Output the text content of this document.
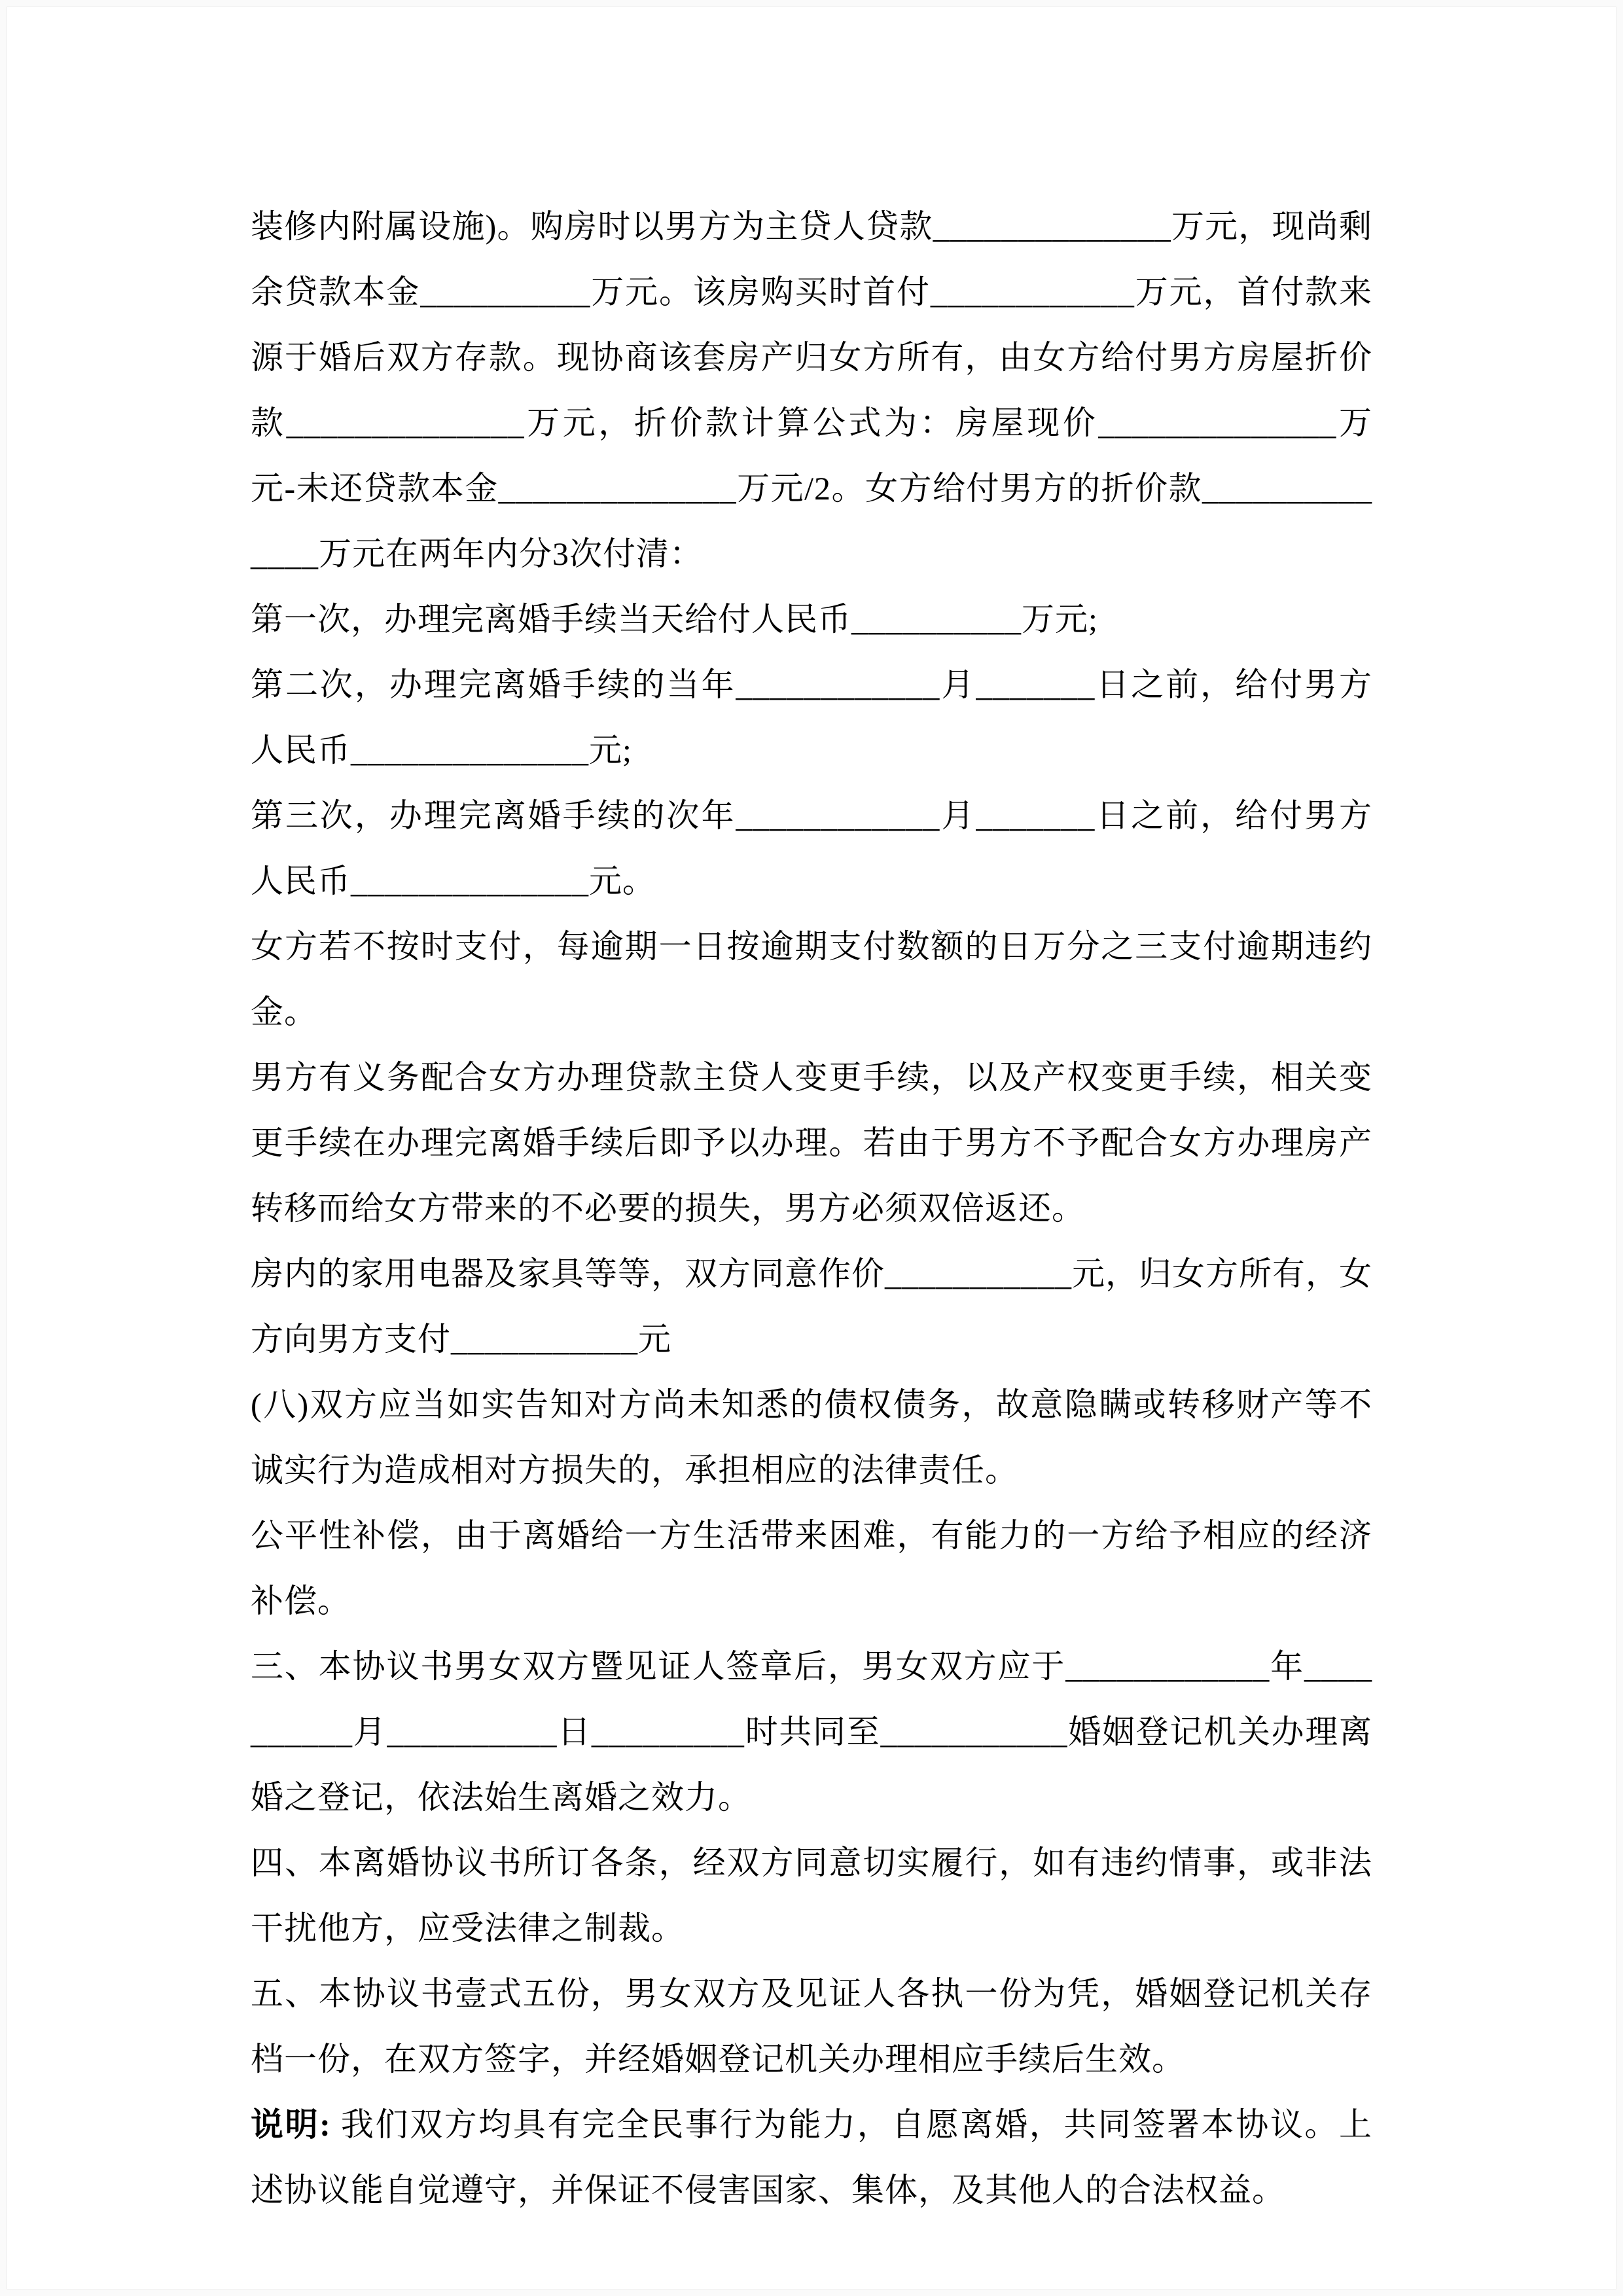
装修内附属设施)。购房时以男方为主贷人贷款______________万元，现尚剩余贷款本金__________万元。该房购买时首付____________万元，首付款来源于婚后双方存款。现协商该套房产归女方所有，由女方给付男方房屋折价款______________万元，折价款计算公式为：房屋现价______________万元-未还贷款本金______________万元/2。女方给付男方的折价款______________万元在两年内分3次付清：

第一次，办理完离婚手续当天给付人民币__________万元;

第二次，办理完离婚手续的当年____________月_______日之前，给付男方人民币______________元;

第三次，办理完离婚手续的次年____________月_______日之前，给付男方人民币______________元。

女方若不按时支付，每逾期一日按逾期支付数额的日万分之三支付逾期违约金。

男方有义务配合女方办理贷款主贷人变更手续，以及产权变更手续，相关变更手续在办理完离婚手续后即予以办理。若由于男方不予配合女方办理房产转移而给女方带来的不必要的损失，男方必须双倍返还。

房内的家用电器及家具等等，双方同意作价___________元，归女方所有，女方向男方支付___________元

(八)双方应当如实告知对方尚未知悉的债权债务，故意隐瞒或转移财产等不诚实行为造成相对方损失的，承担相应的法律责任。

公平性补偿，由于离婚给一方生活带来困难，有能力的一方给予相应的经济补偿。

三、本协议书男女双方暨见证人签章后，男女双方应于____________年__________月__________日_________时共同至___________婚姻登记机关办理离婚之登记，依法始生离婚之效力。

四、本离婚协议书所订各条，经双方同意切实履行，如有违约情事，或非法干扰他方，应受法律之制裁。

五、本协议书壹式五份，男女双方及见证人各执一份为凭，婚姻登记机关存档一份，在双方签字，并经婚姻登记机关办理相应手续后生效。

说明: 我们双方均具有完全民事行为能力，自愿离婚，共同签署本协议。上述协议能自觉遵守，并保证不侵害国家、集体，及其他人的合法权益。
